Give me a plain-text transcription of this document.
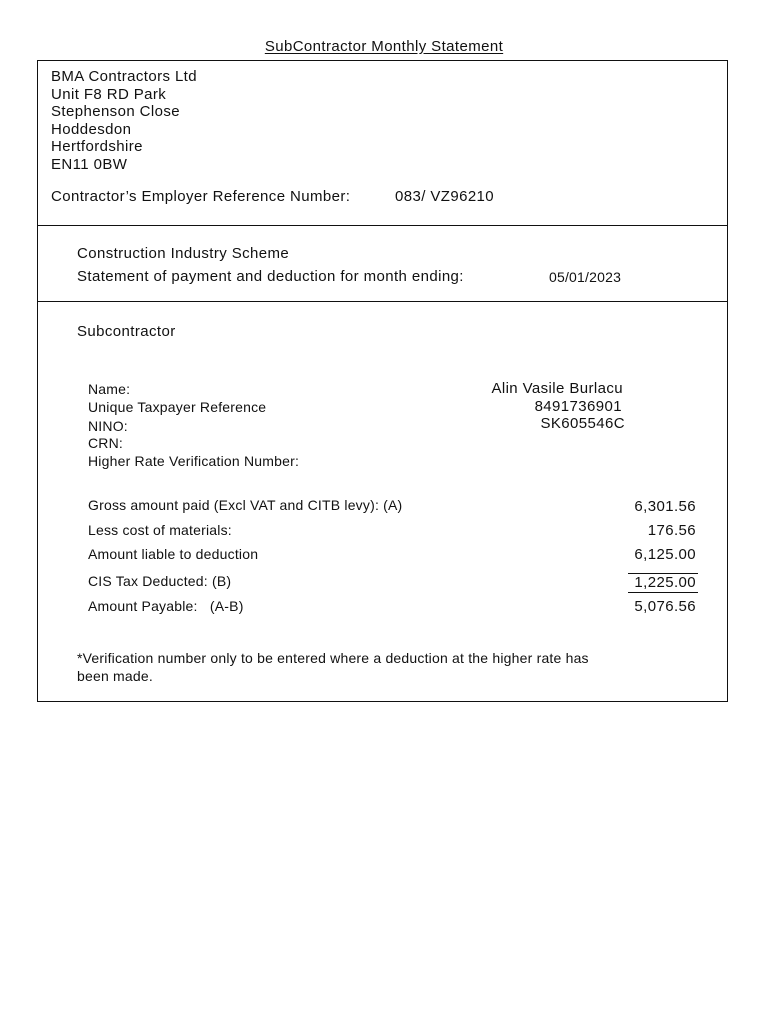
SubContractor Monthly Statement
BMA Contractors Ltd
Unit F8 RD Park
Stephenson Close
Hoddesdon
Hertfordshire
EN11 0BW
Contractor’s Employer Reference Number:	083/ VZ96210
Construction Industry Scheme
Statement of payment and deduction for month ending:	05/01/2023
Subcontractor
Name:
Unique Taxpayer Reference
NINO:
CRN:
Higher Rate Verification Number:
Alin Vasile Burlacu
8491736901
SK605546C
Gross amount paid (Excl VAT and CITB levy): (A)
Less cost of materials:
Amount liable to deduction
CIS Tax Deducted: (B)
Amount Payable:   (A-B)
6,301.56
176.56
6,125.00
1,225.00
5,076.56
*Verification number only to be entered where a deduction at the higher rate has
been made.
